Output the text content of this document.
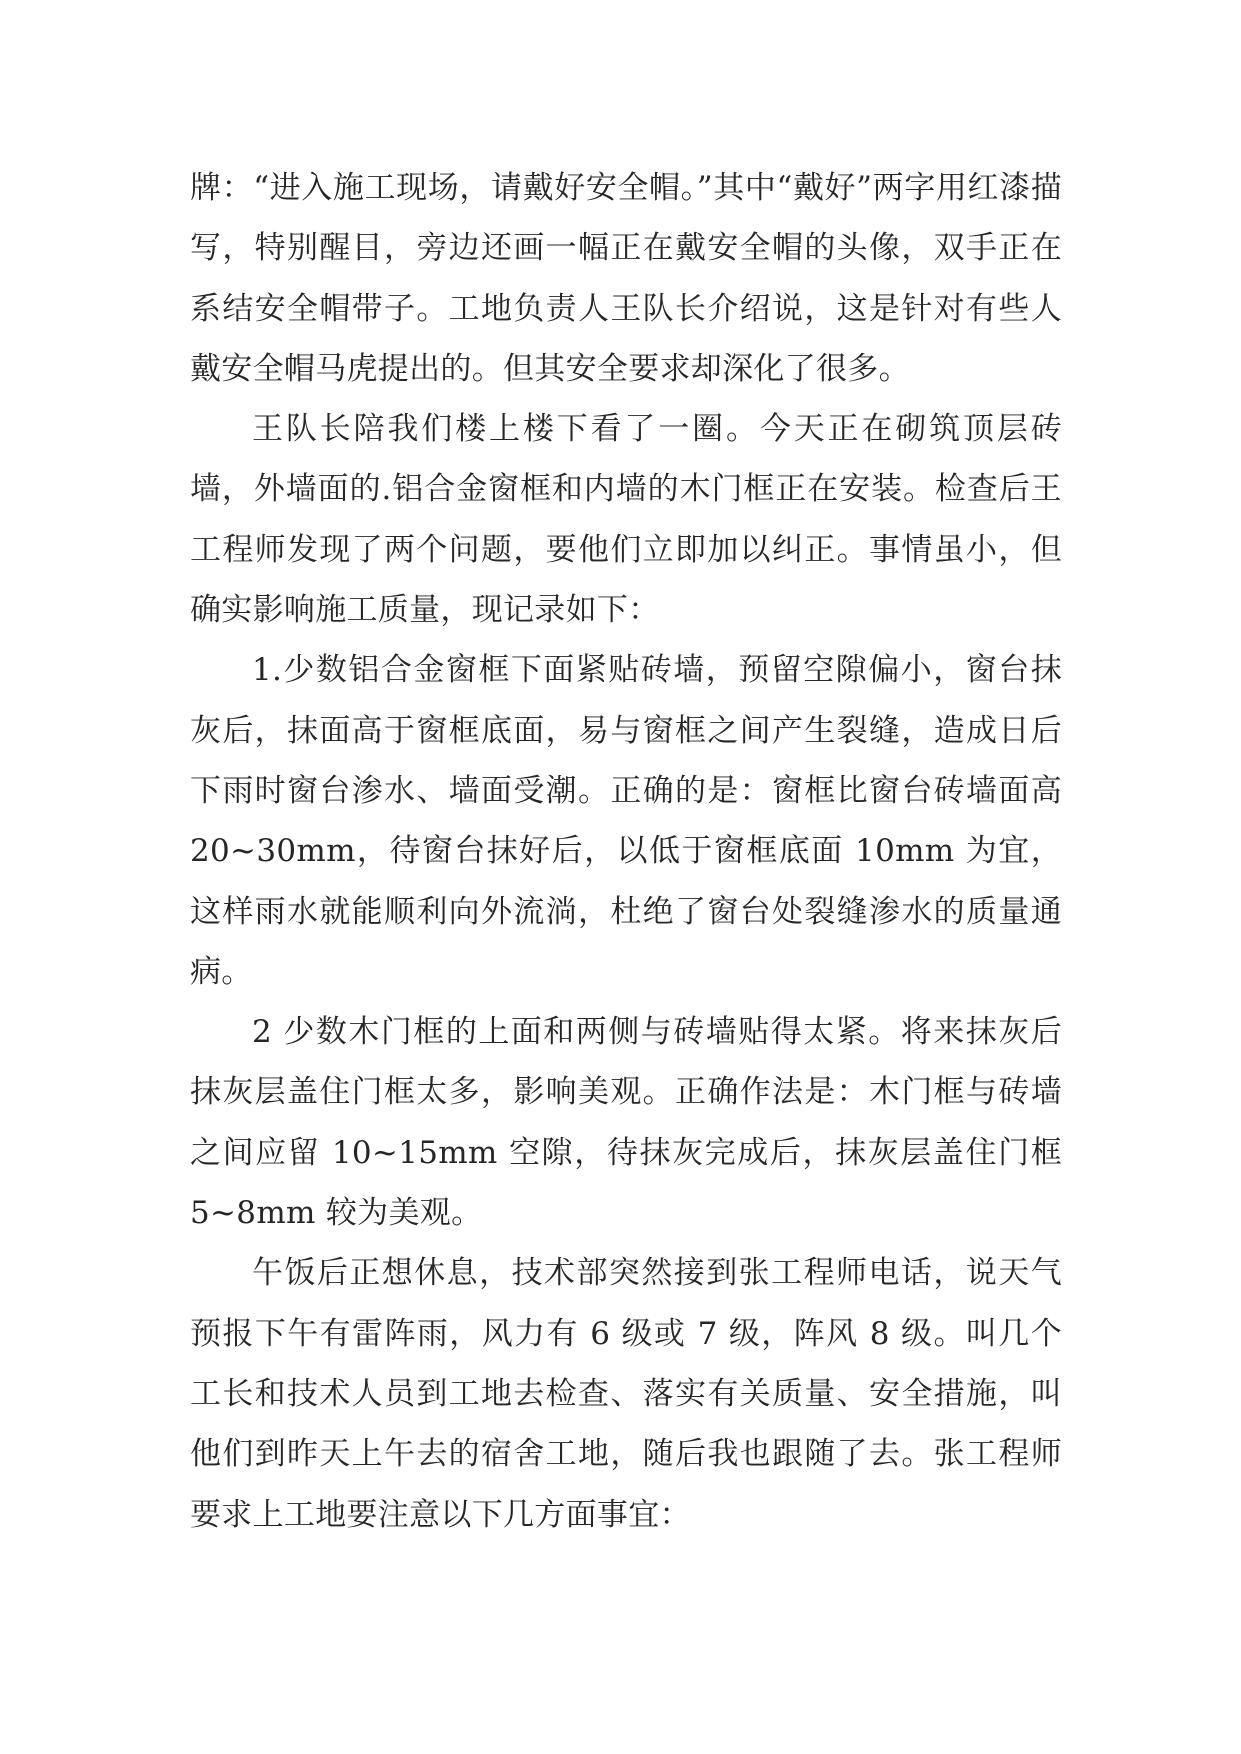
牌：“进入施工现场，请戴好安全帽。”其中“戴好”两字用红漆描写，特别醒目，旁边还画一幅正在戴安全帽的头像，双手正在系结安全帽带子。工地负责人王队长介绍说，这是针对有些人戴安全帽马虎提出的。但其安全要求却深化了很多。

王队长陪我们楼上楼下看了一圈。今天正在砌筑顶层砖墙，外墙面的.铝合金窗框和内墙的木门框正在安装。检查后王工程师发现了两个问题，要他们立即加以纠正。事情虽小，但确实影响施工质量，现记录如下：

1.少数铝合金窗框下面紧贴砖墙，预留空隙偏小，窗台抹灰后，抹面高于窗框底面，易与窗框之间产生裂缝，造成日后下雨时窗台渗水、墙面受潮。正确的是：窗框比窗台砖墙面高 20~30mm，待窗台抹好后，以低于窗框底面 10mm 为宜，这样雨水就能顺利向外流淌，杜绝了窗台处裂缝渗水的质量通病。

2 少数木门框的上面和两侧与砖墙贴得太紧。将来抹灰后抹灰层盖住门框太多，影响美观。正确作法是：木门框与砖墙之间应留 10~15mm 空隙，待抹灰完成后，抹灰层盖住门框 5~8mm 较为美观。

午饭后正想休息，技术部突然接到张工程师电话，说天气预报下午有雷阵雨，风力有 6 级或 7 级，阵风 8 级。叫几个工长和技术人员到工地去检查、落实有关质量、安全措施，叫他们到昨天上午去的宿舍工地，随后我也跟随了去。张工程师要求上工地要注意以下几方面事宜：
